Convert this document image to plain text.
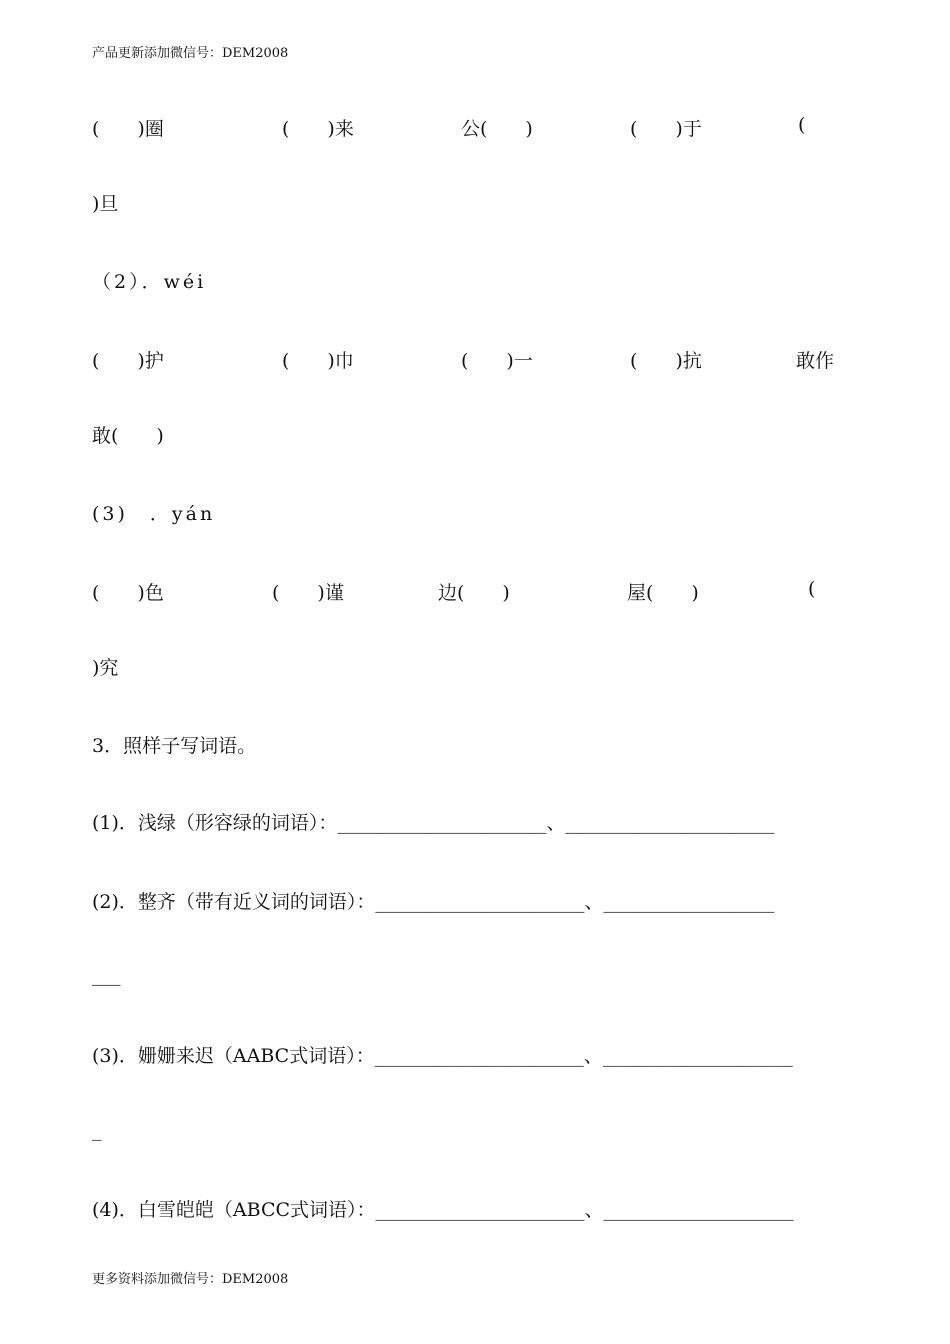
产品更新添加微信号：DEM2008
(　　)圈	(　　)来	公(　　)	(　　)于	(
)旦
（2）．wéi
(　　)护	(　　)巾	(　　)一	(　　)抗	敢作
敢(　　)
(3)　．yán
(　　)色	(　　)谨	边(　　)	屋(　　)	(
)究
3．照样子写词语。
(1)．浅绿（形容绿的词语）：______________________、______________________
(2)．整齐（带有近义词的词语）：______________________、__________________
___
(3)．姗姗来迟（AABC式词语）：______________________、____________________
_
(4)．白雪皑皑（ABCC式词语）：______________________、____________________
更多资料添加微信号：DEM2008
